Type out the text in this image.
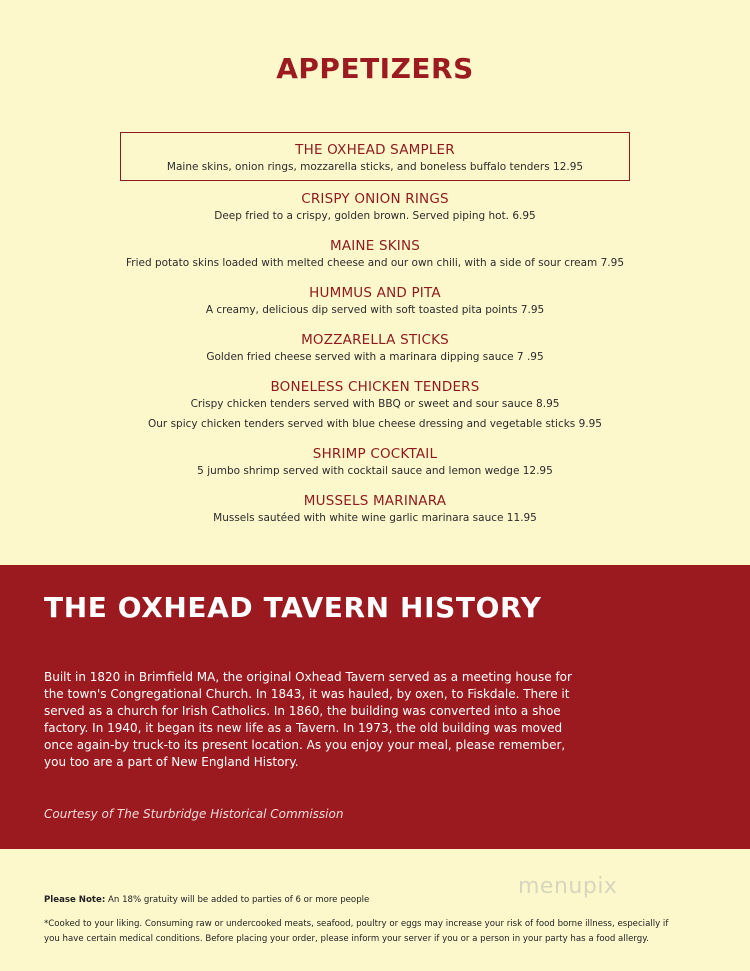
APPETIZERS
THE OXHEAD SAMPLER
Maine skins, onion rings, mozzarella sticks, and boneless buffalo tenders 12.95
CRISPY ONION RINGS
Deep fried to a crispy, golden brown. Served piping hot. 6.95
MAINE SKINS
Fried potato skins loaded with melted cheese and our own chili, with a side of sour cream 7.95
HUMMUS AND PITA
A creamy, delicious dip served with soft toasted pita points 7.95
MOZZARELLA STICKS
Golden fried cheese served with a marinara dipping sauce 7 .95
BONELESS CHICKEN TENDERS
Crispy chicken tenders served with BBQ or sweet and sour sauce 8.95
Our spicy chicken tenders served with blue cheese dressing and vegetable sticks 9.95
SHRIMP COCKTAIL
5 jumbo shrimp served with cocktail sauce and lemon wedge 12.95
MUSSELS MARINARA
Mussels sautéed with white wine garlic marinara sauce 11.95
THE OXHEAD TAVERN HISTORY
Built in 1820 in Brimfield MA, the original Oxhead Tavern served as a meeting house for the town's Congregational Church. In 1843, it was hauled, by oxen, to Fiskdale. There it served as a church for Irish Catholics. In 1860, the building was converted into a shoe factory. In 1940, it began its new life as a Tavern. In 1973, the old building was moved once again-by truck-to its present location. As you enjoy your meal, please remember, you too are a part of New England History.
Courtesy of The Sturbridge Historical Commission
menupix
Please Note: An 18% gratuity will be added to parties of 6 or more people
*Cooked to your liking. Consuming raw or undercooked meats, seafood, poultry or eggs may increase your risk of food borne illness, especially if you have certain medical conditions. Before placing your order, please inform your server if you or a person in your party has a food allergy.
